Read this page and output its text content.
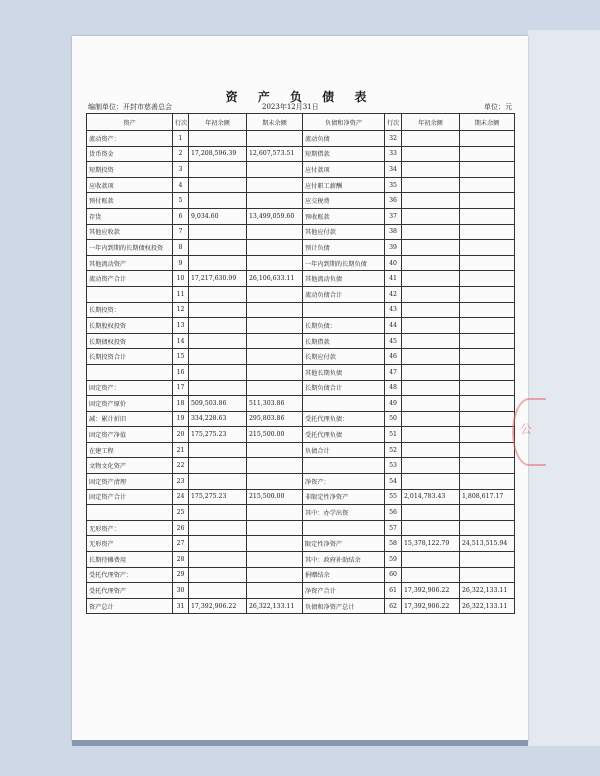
资 产 负 债 表
编制单位：开封市慈善总会	2023年12月31日	单位：元
资产	行次	年初余额	期末余额	负债和净资产	行次	年初余额	期末余额
流动资产：	1			流动负债	32		
货币资金	2	17,208,596.39	12,607,573.51	短期借款	33		
短期投资	3			应付款项	34		
应收款项	4			应付职工薪酬	35		
预付账款	5			应交税费	36		
存货	6	9,034.60	13,499,059.60	预收账款	37		
其他应收款	7			其他应付款	38		
一年内到期的长期债权投资	8			预计负债	39		
其他流动资产	9			一年内到期的长期负债	40		
流动资产合计	10	17,217,630.99	26,106,633.11	其他流动负债	41		
	11			流动负债合计	42		
长期投资：	12				43		
长期股权投资	13			长期负债：	44		
长期债权投资	14			长期借款	45		
长期投资合计	15			长期应付款	46		
	16			其他长期负债	47		
固定资产：	17			长期负债合计	48		
固定资产原价	18	509,503.86	511,303.86		49		
减：累计折旧	19	334,228.63	295,803.86	受托代理负债：	50		
固定资产净值	20	175,275.23	215,500.00	受托代理负债	51		
在建工程	21			负债合计	52		
文物文化资产	22				53		
固定资产清理	23			净资产：	54		
固定资产合计	24	175,275.23	215,500.00	非限定性净资产	55	2,014,783.43	1,808,617.17
	25			其中：办学出资	56		
无形资产：	26				57		
无形资产	27			限定性净资产	58	15,378,122.79	24,513,515.94
长期待摊费用	28			其中：政府补助结余	59		
受托代理资产：	29			捐赠结余	60		
受托代理资产	30			净资产合计	61	17,392,906.22	26,322,133.11
资产总计	31	17,392,906.22	26,322,133.11	负债和净资产总计	62	17,392,906.22	26,322,133.11
公
